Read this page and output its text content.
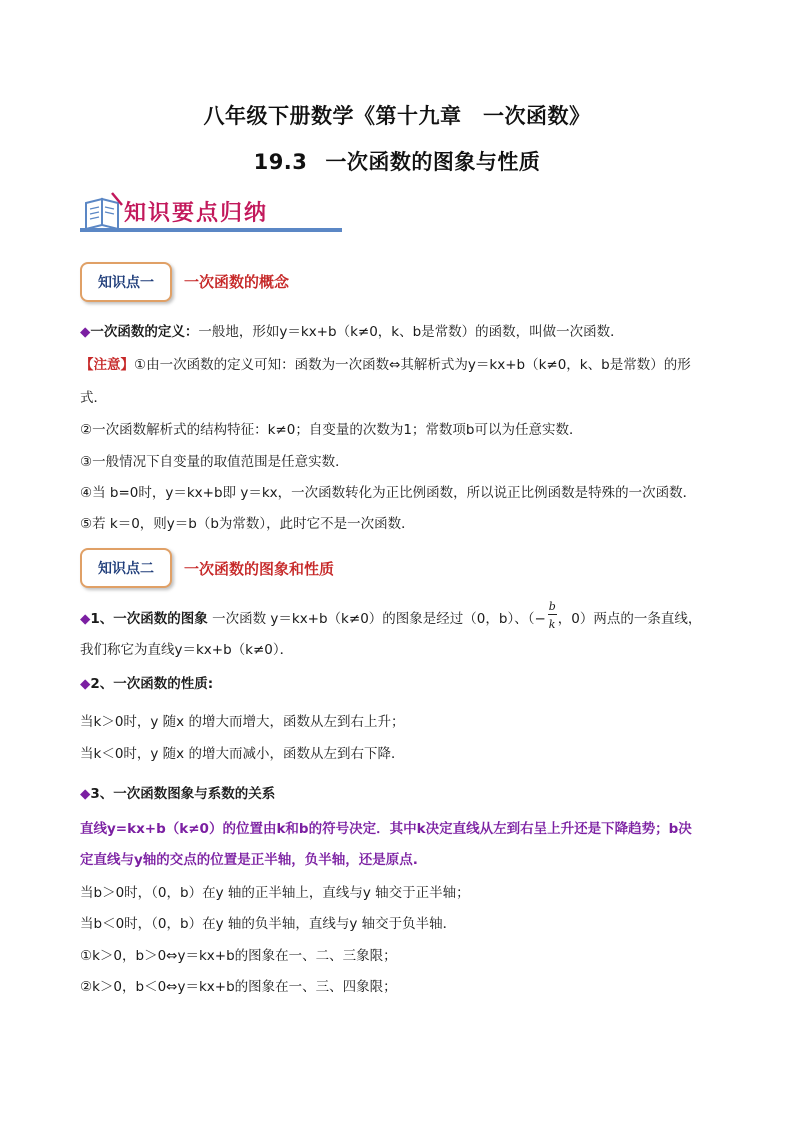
八年级下册数学《第十九章　一次函数》
19.3 一次函数的图象与性质
知识要点归纳
知识点一	一次函数的概念
◆一次函数的定义：一般地，形如y＝kx+b（k≠0，k、b是常数）的函数，叫做一次函数．
【注意】①由一次函数的定义可知：函数为一次函数⇔其解析式为y＝kx+b（k≠0，k、b是常数）的形
式．
②一次函数解析式的结构特征：k≠0；自变量的次数为1；常数项b可以为任意实数．
③一般情况下自变量的取值范围是任意实数．
④当 b=0时，y＝kx+b即 y＝kx，一次函数转化为正比例函数，所以说正比例函数是特殊的一次函数．
⑤若 k＝0，则y＝b（b为常数），此时它不是一次函数．
知识点二	一次函数的图象和性质
◆1、一次函数的图象 一次函数 y＝kx+b（k≠0）的图象是经过（0，b）、（− $\frac{b}{k}$ ，0）两点的一条直线，
我们称它为直线y＝kx+b（k≠0）．
◆2、一次函数的性质:
当k＞0时，y 随x 的增大而增大，函数从左到右上升；
当k＜0时，y 随x 的增大而减小，函数从左到右下降．
◆3、一次函数图象与系数的关系
直线y=kx+b（k≠0）的位置由k和b的符号决定．其中k决定直线从左到右呈上升还是下降趋势；b决
定直线与y轴的交点的位置是正半轴，负半轴，还是原点.
当b＞0时，（0，b）在y 轴的正半轴上，直线与y 轴交于正半轴；
当b＜0时，（0，b）在y 轴的负半轴，直线与y 轴交于负半轴．
①k＞0，b＞0⇔y＝kx+b的图象在一、二、三象限；
②k＞0，b＜0⇔y＝kx+b的图象在一、三、四象限；
